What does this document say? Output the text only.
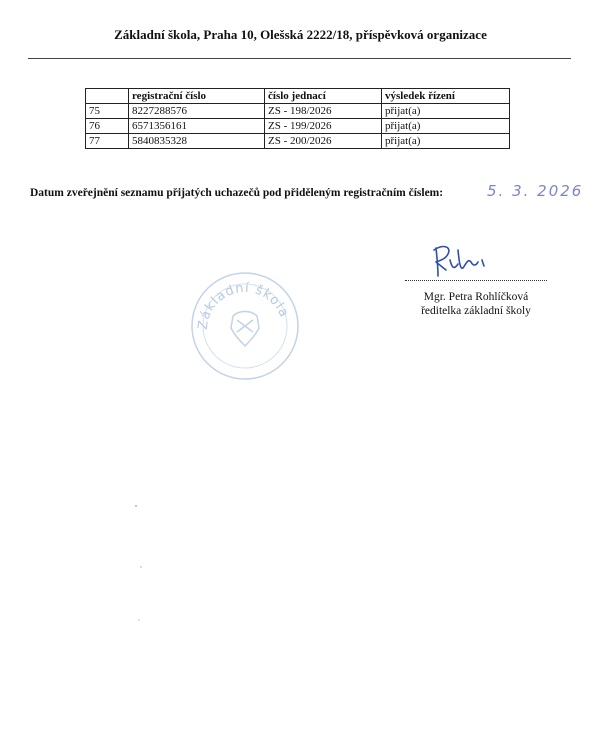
Základní škola, Praha 10, Olešská 2222/18, příspěvková organizace
	registrační číslo	číslo jednací	výsledek řízení
75	8227288576	ZS - 198/2026	přijat(a)
76	6571356161	ZS - 199/2026	přijat(a)
77	5840835328	ZS - 200/2026	přijat(a)
Datum zveřejnění seznamu přijatých uchazečů pod přiděleným registračním číslem:	5. 3. 2026
Mgr. Petra Rohlíčková
ředitelka základní školy
Základní škola
